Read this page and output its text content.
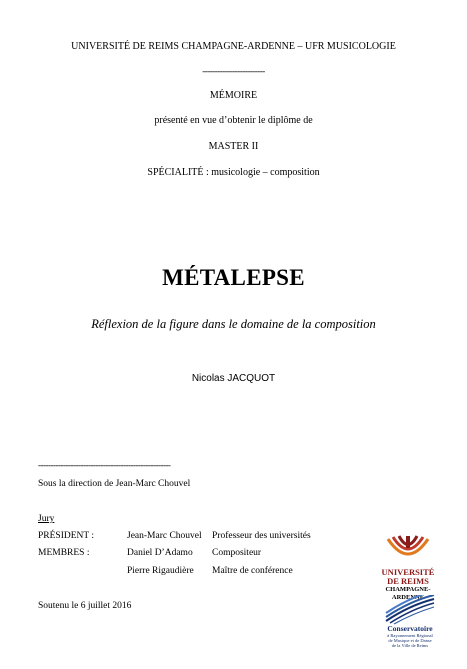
UNIVERSITÉ DE REIMS CHAMPAGNE-ARDENNE – UFR MUSICOLOGIE
-------------------------
MÉMOIRE
présenté en vue d’obtenir le diplôme de
MASTER II
SPÉCIALITÉ : musicologie – composition
MÉTALEPSE
Réflexion de la figure dans le domaine de la composition
Nicolas JACQUOT
-----------------------------------------------------
Sous la direction de Jean-Marc Chouvel
Jury
PRÉSIDENT :	Jean-Marc Chouvel Professeur des universités
MEMBRES :	Daniel D’Adamo Compositeur
Pierre Rigaudière Maître de conférence
Soutenu le 6 juillet 2016
UNIVERSITÉ
DE REIMS
CHAMPAGNE-ARDENNE
Conservatoire
à Rayonnement Régional
de Musique et de Danse
de la Ville de Reims
